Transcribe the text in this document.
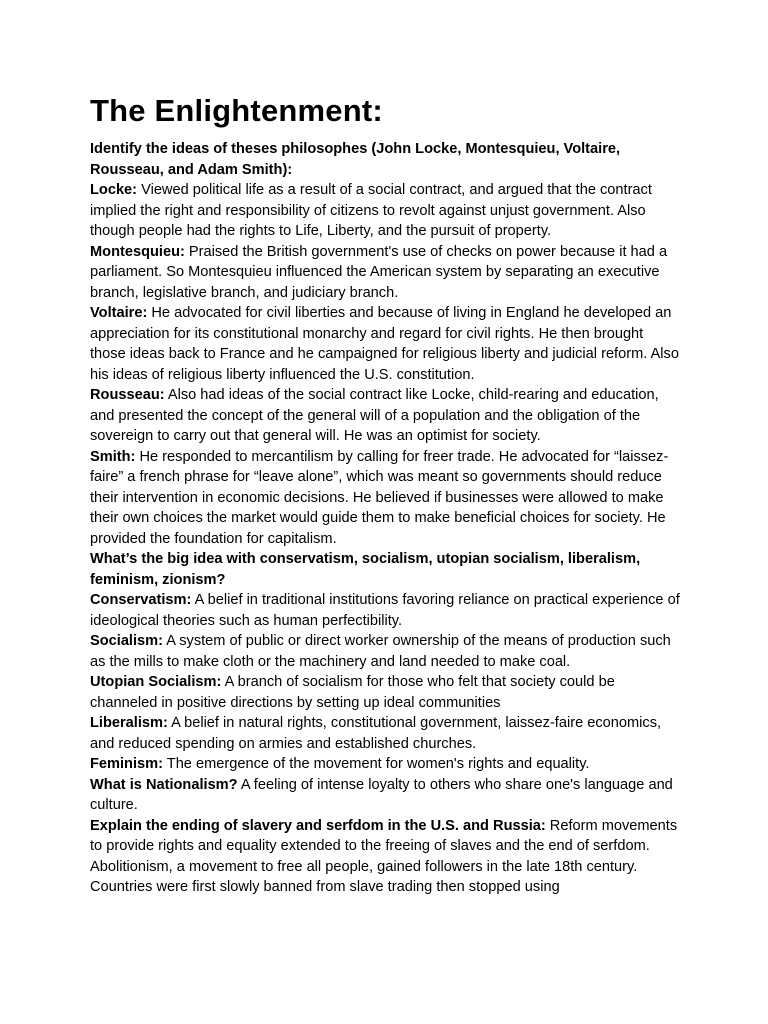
The Enlightenment:

Identify the ideas of theses philosophes (John Locke, Montesquieu, Voltaire, Rousseau, and Adam Smith):

Locke: Viewed political life as a result of a social contract, and argued that the contract implied the right and responsibility of citizens to revolt against unjust government. Also though people had the rights to Life, Liberty, and the pursuit of property.

Montesquieu: Praised the British government's use of checks on power because it had a parliament. So Montesquieu influenced the American system by separating an executive branch, legislative branch, and judiciary branch.

Voltaire: He advocated for civil liberties and because of living in England he developed an appreciation for its constitutional monarchy and regard for civil rights. He then brought those ideas back to France and he campaigned for religious liberty and judicial reform. Also his ideas of religious liberty influenced the U.S. constitution.

Rousseau: Also had ideas of the social contract like Locke, child-rearing and education, and presented the concept of the general will of a population and the obligation of the sovereign to carry out that general will. He was an optimist for society.

Smith: He responded to mercantilism by calling for freer trade. He advocated for “laissez-faire” a french phrase for “leave alone”, which was meant so governments should reduce their intervention in economic decisions. He believed if businesses were allowed to make their own choices the market would guide them to make beneficial choices for society. He provided the foundation for capitalism.

What’s the big idea with conservatism, socialism, utopian socialism, liberalism, feminism, zionism?

Conservatism: A belief in traditional institutions favoring reliance on practical experience of ideological theories such as human perfectibility.

Socialism: A system of public or direct worker ownership of the means of production such as the mills to make cloth or the machinery and land needed to make coal.

Utopian Socialism: A branch of socialism for those who felt that society could be channeled in positive directions by setting up ideal communities

Liberalism: A belief in natural rights, constitutional government, laissez-faire economics, and reduced spending on armies and established churches.

Feminism: The emergence of the movement for women's rights and equality.

What is Nationalism? A feeling of intense loyalty to others who share one's language and culture.

Explain the ending of slavery and serfdom in the U.S. and Russia: Reform movements to provide rights and equality extended to the freeing of slaves and the end of serfdom. Abolitionism, a movement to free all people, gained followers in the late 18th century. Countries were first slowly banned from slave trading then stopped using
